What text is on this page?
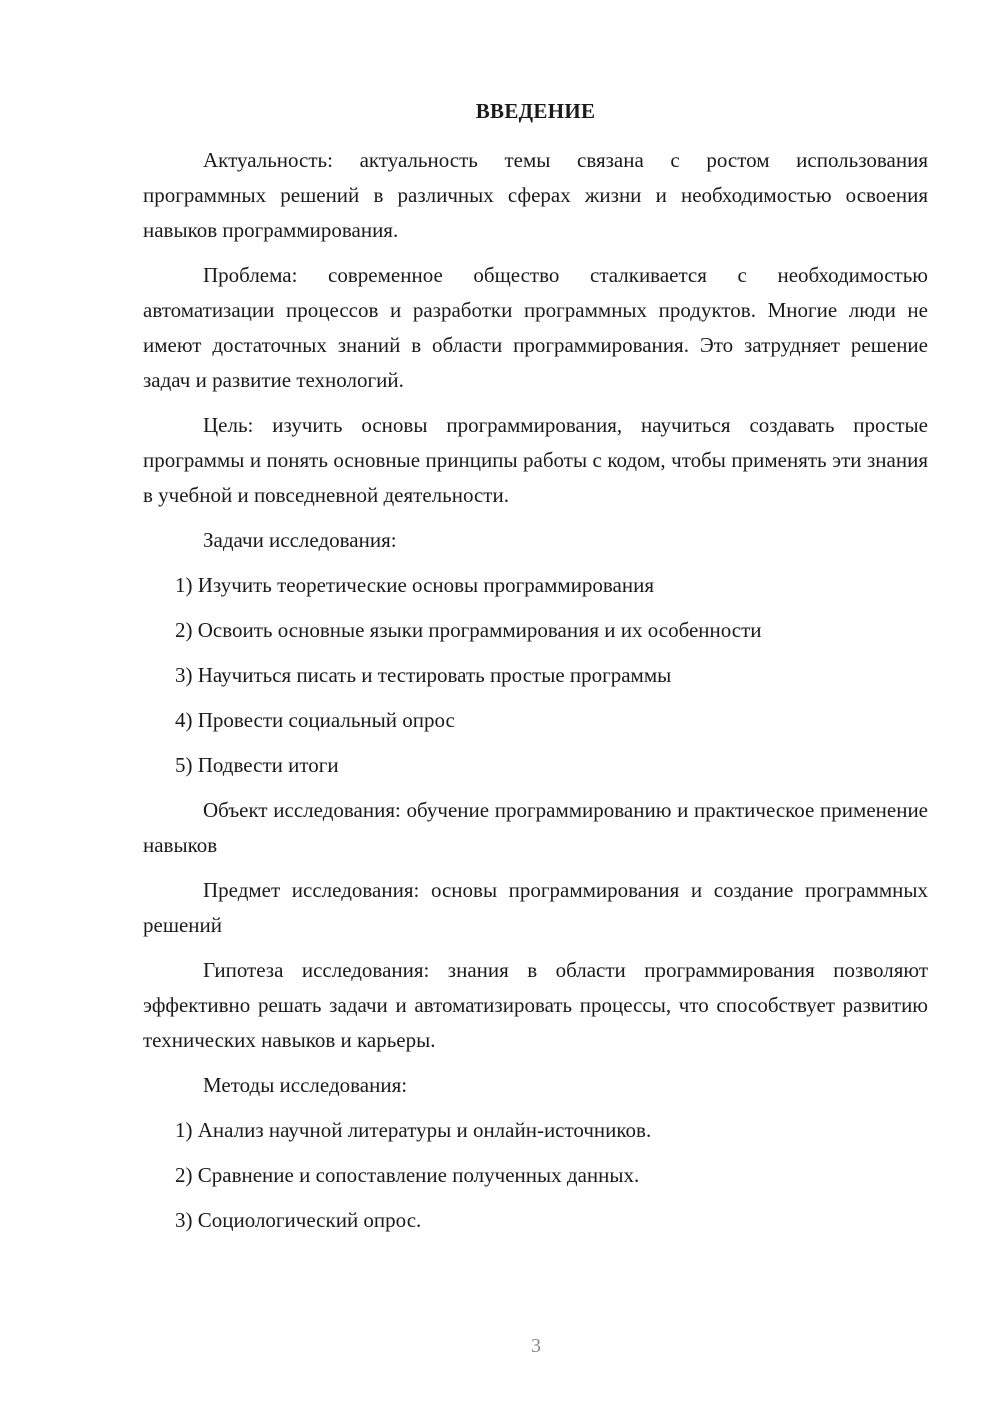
ВВЕДЕНИЕ

Актуальность: актуальность темы связана с ростом использования программных решений в различных сферах жизни и необходимостью освоения навыков программирования.

Проблема: современное общество сталкивается с необходимостью автоматизации процессов и разработки программных продуктов. Многие люди не имеют достаточных знаний в области программирования. Это затрудняет решение задач и развитие технологий.

Цель: изучить основы программирования, научиться создавать простые программы и понять основные принципы работы с кодом, чтобы применять эти знания в учебной и повседневной деятельности.

Задачи исследования:

1) Изучить теоретические основы программирования

2) Освоить основные языки программирования и их особенности

3) Научиться писать и тестировать простые программы

4) Провести социальный опрос

5) Подвести итоги

Объект исследования: обучение программированию и практическое применение навыков

Предмет исследования: основы программирования и создание программных решений

Гипотеза исследования: знания в области программирования позволяют эффективно решать задачи и автоматизировать процессы, что способствует развитию технических навыков и карьеры.

Методы исследования:

1) Анализ научной литературы и онлайн-источников.

2) Сравнение и сопоставление полученных данных.

3) Социологический опрос.

3
